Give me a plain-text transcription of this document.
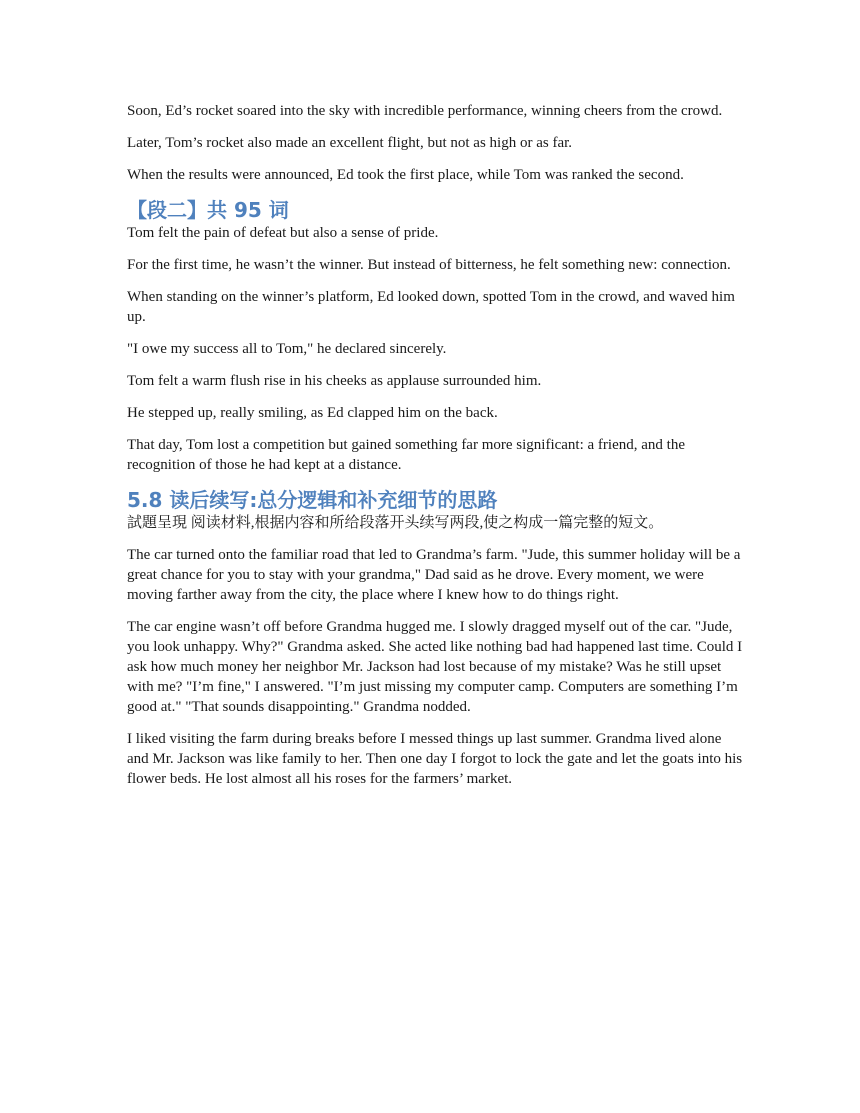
Soon, Ed’s rocket soared into the sky with incredible performance, winning cheers from the crowd.

Later, Tom’s rocket also made an excellent flight, but not as high or as far.

When the results were announced, Ed took the first place, while Tom was ranked the second.

【段二】共 95 词

Tom felt the pain of defeat but also a sense of pride.

For the first time, he wasn’t the winner. But instead of bitterness, he felt something new: connection.

When standing on the winner’s platform, Ed looked down, spotted Tom in the crowd, and waved him up.

"I owe my success all to Tom," he declared sincerely.

Tom felt a warm flush rise in his cheeks as applause surrounded him.

He stepped up, really smiling, as Ed clapped him on the back.

That day, Tom lost a competition but gained something far more significant: a friend, and the recognition of those he had kept at a distance.

5.8 读后续写:总分逻辑和补充细节的思路

試題呈現 阅读材料,根据内容和所给段落开头续写两段,使之构成一篇完整的短文。

The car turned onto the familiar road that led to Grandma’s farm. "Jude, this summer holiday will be a great chance for you to stay with your grandma," Dad said as he drove. Every moment, we were moving farther away from the city, the place where I knew how to do things right.

The car engine wasn’t off before Grandma hugged me. I slowly dragged myself out of the car. "Jude, you look unhappy. Why?" Grandma asked. She acted like nothing bad had happened last time. Could I ask how much money her neighbor Mr. Jackson had lost because of my mistake? Was he still upset with me? "I’m fine," I answered. "I’m just missing my computer camp. Computers are something I’m good at." "That sounds disappointing." Grandma nodded.

I liked visiting the farm during breaks before I messed things up last summer. Grandma lived alone and Mr. Jackson was like family to her. Then one day I forgot to lock the gate and let the goats into his flower beds. He lost almost all his roses for the farmers’ market.
